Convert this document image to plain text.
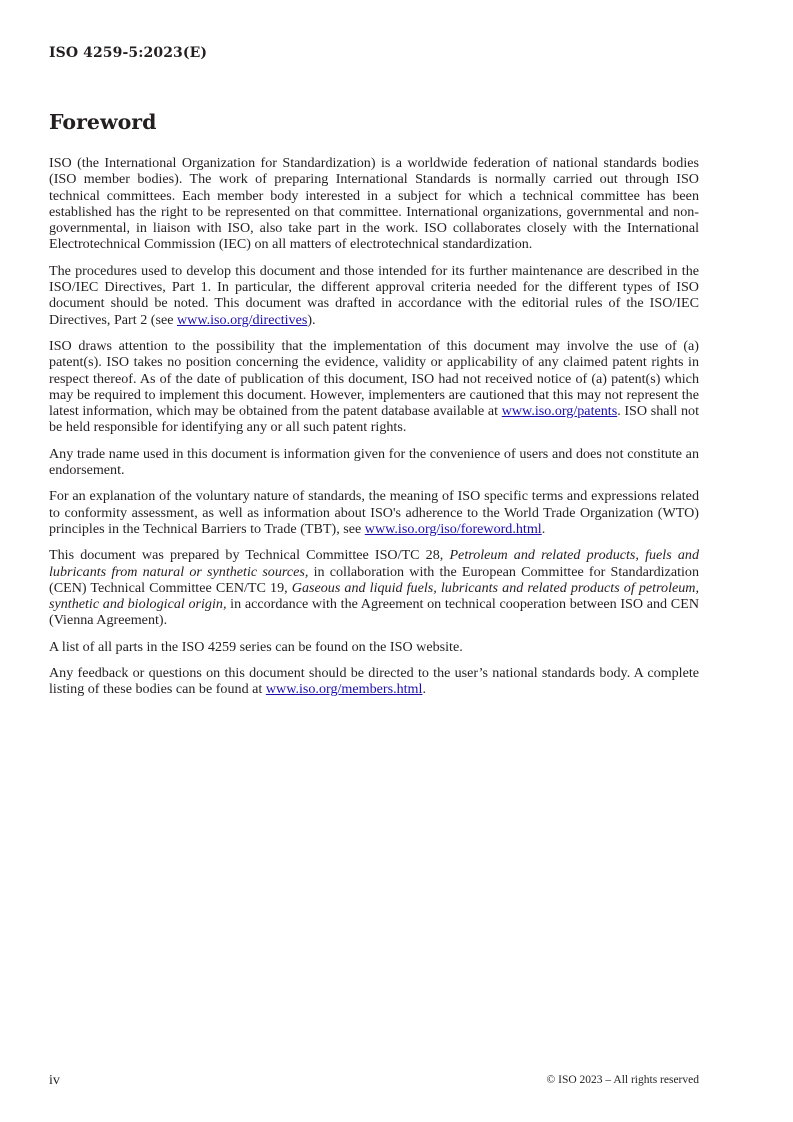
ISO 4259-5:2023(E)
Foreword

ISO (the International Organization for Standardization) is a worldwide federation of national standards bodies (ISO member bodies). The work of preparing International Standards is normally carried out through ISO technical committees. Each member body interested in a subject for which a technical committee has been established has the right to be represented on that committee. International organizations, governmental and non-governmental, in liaison with ISO, also take part in the work. ISO collaborates closely with the International Electrotechnical Commission (IEC) on all matters of electrotechnical standardization.

The procedures used to develop this document and those intended for its further maintenance are described in the ISO/IEC Directives, Part 1. In particular, the different approval criteria needed for the different types of ISO document should be noted. This document was drafted in accordance with the editorial rules of the ISO/IEC Directives, Part 2 (see www.iso.org/directives).

ISO draws attention to the possibility that the implementation of this document may involve the use of (a) patent(s). ISO takes no position concerning the evidence, validity or applicability of any claimed patent rights in respect thereof. As of the date of publication of this document, ISO had not received notice of (a) patent(s) which may be required to implement this document. However, implementers are cautioned that this may not represent the latest information, which may be obtained from the patent database available at www.iso.org/patents. ISO shall not be held responsible for identifying any or all such patent rights.

Any trade name used in this document is information given for the convenience of users and does not constitute an endorsement.

For an explanation of the voluntary nature of standards, the meaning of ISO specific terms and expressions related to conformity assessment, as well as information about ISO's adherence to the World Trade Organization (WTO) principles in the Technical Barriers to Trade (TBT), see www.iso.org/iso/foreword.html.

This document was prepared by Technical Committee ISO/TC 28, Petroleum and related products, fuels and lubricants from natural or synthetic sources, in collaboration with the European Committee for Standardization (CEN) Technical Committee CEN/TC 19, Gaseous and liquid fuels, lubricants and related products of petroleum, synthetic and biological origin, in accordance with the Agreement on technical cooperation between ISO and CEN (Vienna Agreement).

A list of all parts in the ISO 4259 series can be found on the ISO website.

Any feedback or questions on this document should be directed to the user’s national standards body. A complete listing of these bodies can be found at www.iso.org/members.html.

iv	© ISO 2023 – All rights reserved
